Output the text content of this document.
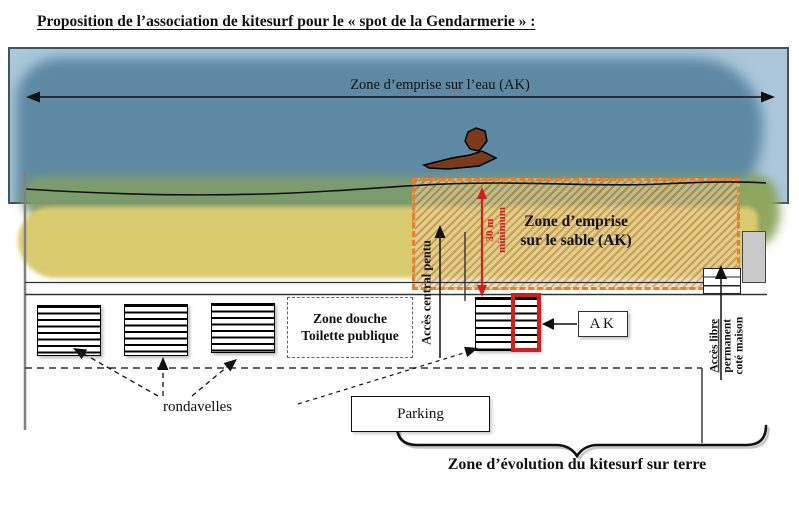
Proposition de l’association de kitesurf pour le « spot de la Gendarmerie » :
Zone d’emprise sur l’eau (AK)
Zone d’emprise
sur le sable (AK)
Zone douche
Toilette publique
AK
Parking
rondavelles
Zone d’évolution du kitesurf sur terre
Accès central pentu
30 m
minimum
Accès libre
permanent
coté maison
